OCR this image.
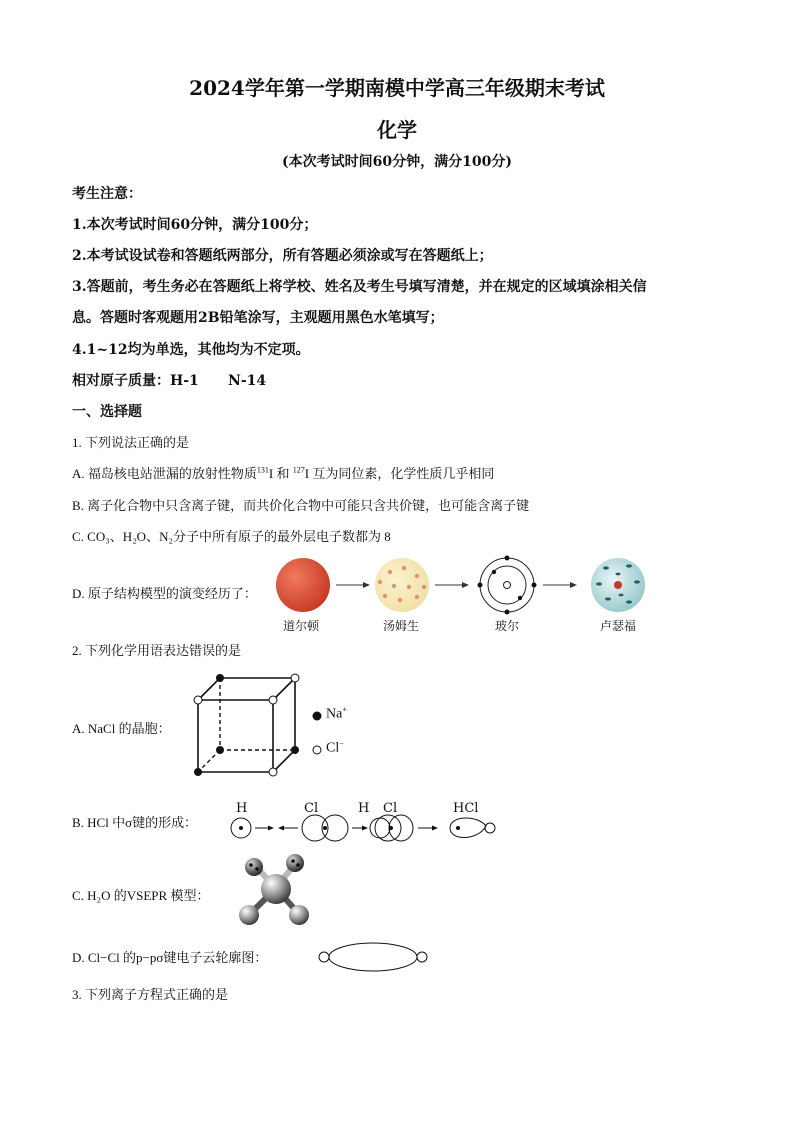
2024学年第一学期南模中学高三年级期末考试
化学
(本次考试时间60分钟，满分100分)
考生注意：
1.本次考试时间60分钟，满分100分；
2.本考试设试卷和答题纸两部分，所有答题必须涂或写在答题纸上；
3.答题前，考生务必在答题纸上将学校、姓名及考生号填写清楚，并在规定的区域填涂相关信
息。答题时客观题用2B铅笔涂写，主观题用黑色水笔填写；
4.1~12均为单选，其他均为不定项。
相对原子质量：H-1      N-14
一、选择题
1. 下列说法正确的是
A. 福岛核电站泄漏的放射性物质$^{131}$I 和 $^{127}$I 互为同位素，化学性质几乎相同
B. 离子化合物中只含离子键，而共价化合物中可能只含共价键，也可能含离子键
C. CO₃、H₂O、N₂分子中所有原子的最外层电子数都为 8
D. 原子结构模型的演变经历了：
道尔顿	汤姆生	玻尔	卢瑟福
2. 下列化学用语表达错误的是
A. NaCl 的晶胞：
Na+
Cl−
B. HCl 中σ键的形成：
H	Cl	H Cl	HCl
C. H₂O 的VSEPR 模型：
D. Cl−Cl 的p−pσ键电子云轮廓图：
3. 下列离子方程式正确的是
